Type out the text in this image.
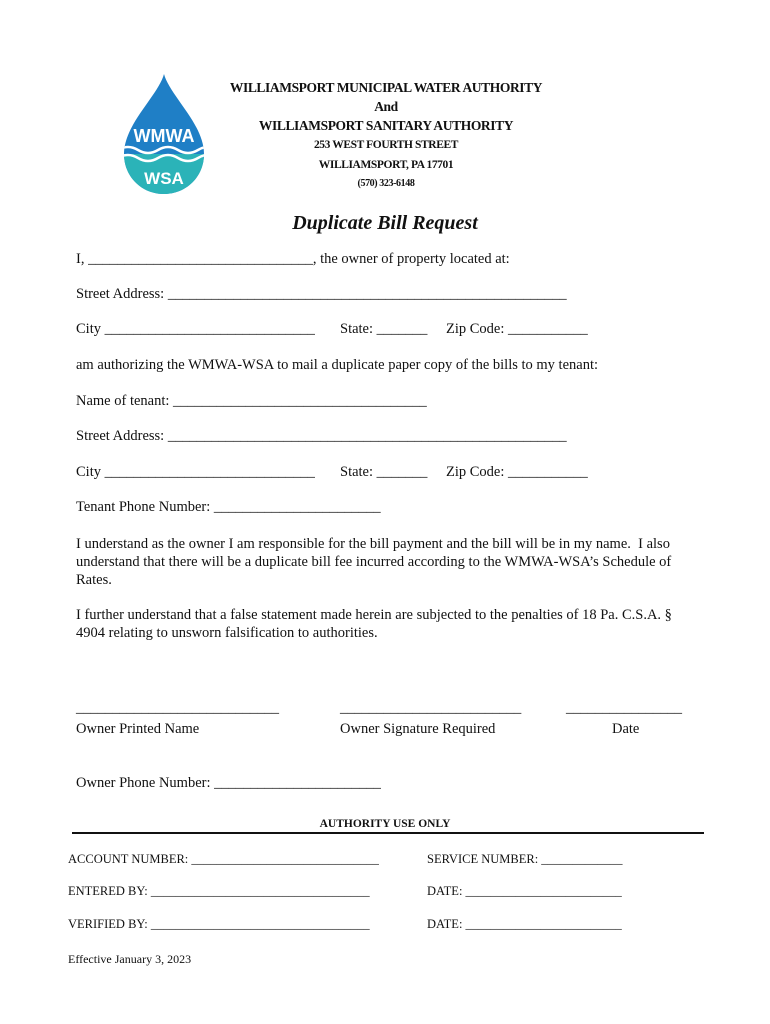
WMWA
WSA
WILLIAMSPORT MUNICIPAL WATER AUTHORITY
And
WILLIAMSPORT SANITARY AUTHORITY
253 WEST FOURTH STREET
WILLIAMSPORT, PA 17701
(570) 323-6148
Duplicate Bill Request
I, _______________________________, the owner of property located at:
Street Address: _______________________________________________________
City _____________________________ State: _______ Zip Code: ___________
am authorizing the WMWA-WSA to mail a duplicate paper copy of the bills to my tenant:
Name of tenant: ___________________________________
Street Address: _______________________________________________________
City _____________________________ State: _______ Zip Code: ___________
Tenant Phone Number: _______________________
I understand as the owner I am responsible for the bill payment and the bill will be in my name.  I also
understand that there will be a duplicate bill fee incurred according to the WMWA-WSA’s Schedule of
Rates.
I further understand that a false statement made herein are subjected to the penalties of 18 Pa. C.S.A. §
4904 relating to unsworn falsification to authorities.
____________________________	_________________________	________________
Owner Printed Name	Owner Signature Required	Date
Owner Phone Number: _______________________
AUTHORITY USE ONLY
ACCOUNT NUMBER: ______________________________	SERVICE NUMBER: _____________
ENTERED BY: ___________________________________	DATE: _________________________
VERIFIED BY: ___________________________________	DATE: _________________________
Effective January 3, 2023
